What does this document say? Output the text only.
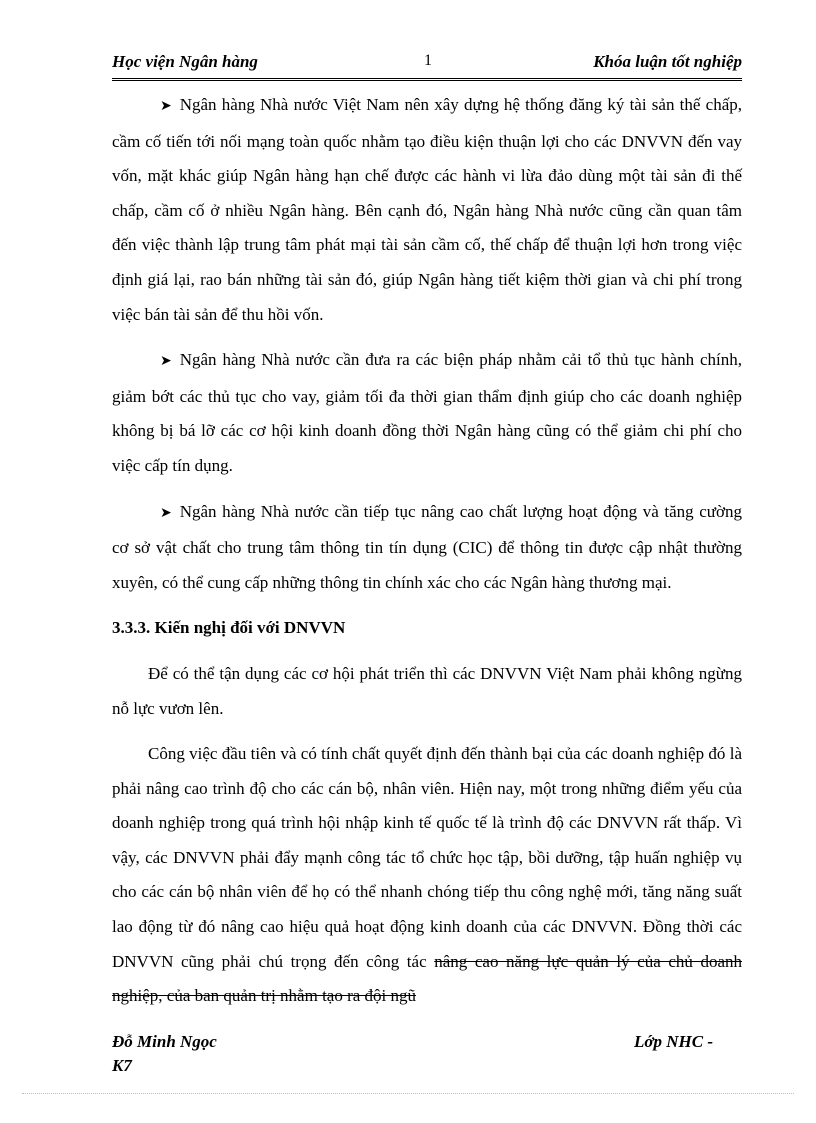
Học viện Ngân hàng	1	Khóa luận tốt nghiệp

➤ Ngân hàng Nhà nước Việt Nam nên xây dựng hệ thống đăng ký tài sản thế chấp, cầm cố tiến tới nối mạng toàn quốc nhằm tạo điều kiện thuận lợi cho các DNVVN đến vay vốn, mặt khác giúp Ngân hàng hạn chế được các hành vi lừa đảo dùng một tài sản đi thế chấp, cầm cố ở nhiều Ngân hàng. Bên cạnh đó, Ngân hàng Nhà nước cũng cần quan tâm đến việc thành lập trung tâm phát mại tài sản cầm cố, thế chấp để thuận lợi hơn trong việc định giá lại, rao bán những tài sản đó, giúp Ngân hàng tiết kiệm thời gian và chi phí trong việc bán tài sản để thu hồi vốn.

➤ Ngân hàng Nhà nước cần đưa ra các biện pháp nhằm cải tổ thủ tục hành chính, giảm bớt các thủ tục cho vay, giảm tối đa thời gian thẩm định giúp cho các doanh nghiệp không bị bá lỡ các cơ hội kinh doanh đồng thời Ngân hàng cũng có thể giảm chi phí cho việc cấp tín dụng.

➤ Ngân hàng Nhà nước cần tiếp tục nâng cao chất lượng hoạt động và tăng cường cơ sở vật chất cho trung tâm thông tin tín dụng (CIC) để thông tin được cập nhật thường xuyên, có thể cung cấp những thông tin chính xác cho các Ngân hàng thương mại.

3.3.3. Kiến nghị đối với DNVVN

Để có thể tận dụng các cơ hội phát triển thì các DNVVN Việt Nam phải không ngừng nỗ lực vươn lên.

Công việc đầu tiên và có tính chất quyết định đến thành bại của các doanh nghiệp đó là phải nâng cao trình độ cho các cán bộ, nhân viên. Hiện nay, một trong những điểm yếu của doanh nghiệp trong quá trình hội nhập kinh tế quốc tế là trình độ các DNVVN rất thấp. Vì vậy, các DNVVN phải đẩy mạnh công tác tổ chức học tập, bồi dưỡng, tập huấn nghiệp vụ cho các cán bộ nhân viên để họ có thể nhanh chóng tiếp thu công nghệ mới, tăng năng suất lao động từ đó nâng cao hiệu quả hoạt động kinh doanh của các DNVVN. Đồng thời các DNVVN cũng phải chú trọng đến công tác nâng cao năng lực quản lý của chủ doanh nghiệp, của ban quản trị nhằm tạo ra đội ngũ

Đỗ Minh Ngọc	Lớp NHC -
K7
